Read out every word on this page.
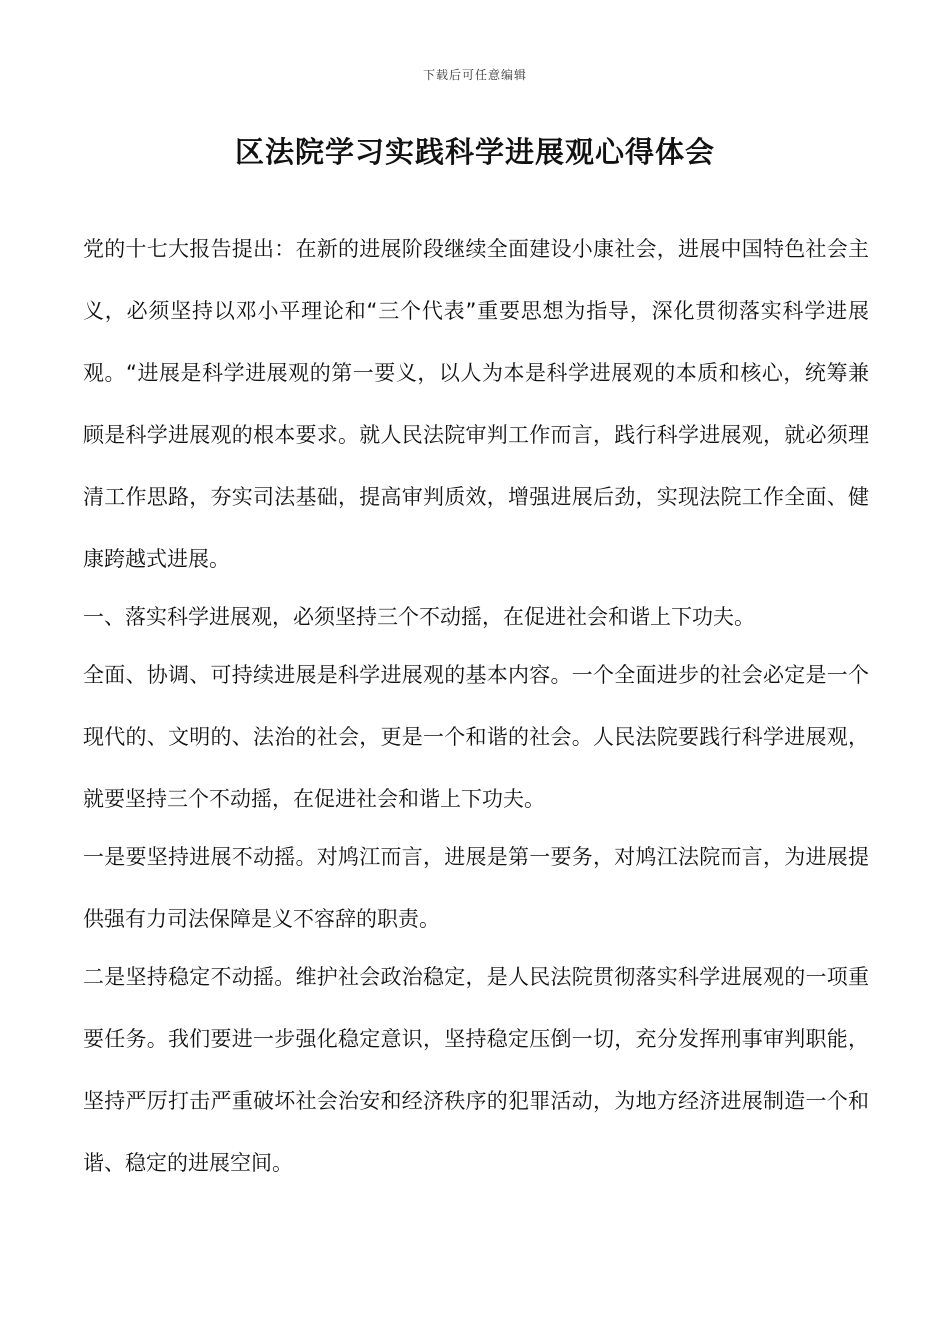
下载后可任意编辑
区法院学习实践科学进展观心得体会

党的十七大报告提出：在新的进展阶段继续全面建设小康社会，进展中国特色社会主义，必须坚持以邓小平理论和“三个代表”重要思想为指导，深化贯彻落实科学进展观。“进展是科学进展观的第一要义，以人为本是科学进展观的本质和核心，统筹兼顾是科学进展观的根本要求。就人民法院审判工作而言，践行科学进展观，就必须理清工作思路，夯实司法基础，提高审判质效，增强进展后劲，实现法院工作全面、健康跨越式进展。

一、落实科学进展观，必须坚持三个不动摇，在促进社会和谐上下功夫。

全面、协调、可持续进展是科学进展观的基本内容。一个全面进步的社会必定是一个现代的、文明的、法治的社会，更是一个和谐的社会。人民法院要践行科学进展观，就要坚持三个不动摇，在促进社会和谐上下功夫。

一是要坚持进展不动摇。对鸠江而言，进展是第一要务，对鸠江法院而言，为进展提供强有力司法保障是义不容辞的职责。

二是坚持稳定不动摇。维护社会政治稳定，是人民法院贯彻落实科学进展观的一项重要任务。我们要进一步强化稳定意识，坚持稳定压倒一切，充分发挥刑事审判职能，坚持严厉打击严重破坏社会治安和经济秩序的犯罪活动，为地方经济进展制造一个和谐、稳定的进展空间。
